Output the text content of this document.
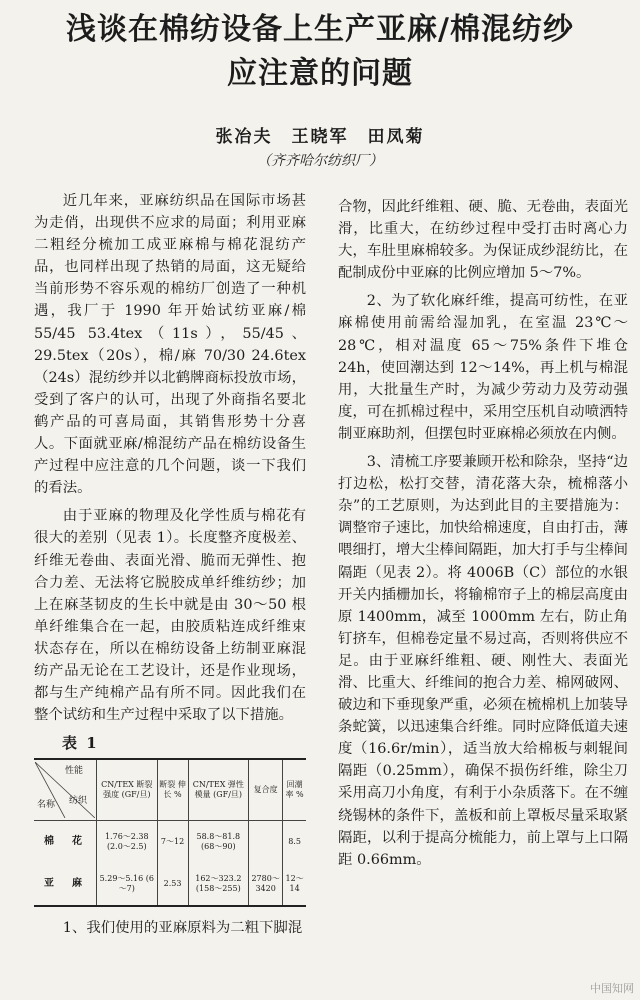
浅谈在棉纺设备上生产亚麻/棉混纺纱
应注意的问题
张冶夫　王晓军　田凤菊
（齐齐哈尔纺织厂）

近几年来，亚麻纺织品在国际市场甚为走俏，出现供不应求的局面；利用亚麻二粗经分梳加工成亚麻棉与棉花混纺产品，也同样出现了热销的局面，这无疑给当前形势不容乐观的棉纺厂创造了一种机遇，我厂于 1990 年开始试纺亚麻/棉 55/45 53.4tex（11s），55/45、29.5tex（20s），棉/麻 70/30 24.6tex（24s）混纺纱并以北鹤牌商标投放市场，受到了客户的认可，出现了外商指名要北鹤产品的可喜局面，其销售形势十分喜人。下面就亚麻/棉混纺产品在棉纺设备生产过程中应注意的几个问题，谈一下我们的看法。

由于亚麻的物理及化学性质与棉花有很大的差别（见表 1）。长度整齐度极差、纤维无卷曲、表面光滑、脆而无弹性、抱合力差、无法将它脱胶成单纤维纺纱；加上在麻茎韧皮的生长中就是由 30～50 根单纤维集合在一起，由胶质粘连成纤维束状态存在，所以在棉纺设备上纺制亚麻混纺产品无论在工艺设计，还是作业现场，都与生产纯棉产品有所不同。因此我们在整个试纺和生产过程中采取了以下措施。

表 1
性能
纺织
名称	CN/TEX 断裂强度 (GF/旦)	断裂 伸长 %	CN/TEX 弹性模量 (GF/旦)	复合度	回潮率 %
棉　花	1.76～2.38 (2.0～2.5)	7～12	58.8～81.8 (68～90)		8.5
亚　麻	5.29～5.16 (6～7)	2.53	162～323.2 (158～255)	2780～3420	12～14

1、我们使用的亚麻原料为二粗下脚混

合物，因此纤维粗、硬、脆、无卷曲，表面光滑，比重大，在纺纱过程中受打击时离心力大，车肚里麻棉较多。为保证成纱混纺比，在配制成份中亚麻的比例应增加 5～7%。

2、为了软化麻纤维，提高可纺性，在亚麻棉使用前需给湿加乳，在室温 23℃～28℃，相对温度 65～75%条件下堆仓 24h，使回潮达到 12～14%，再上机与棉混用，大批量生产时，为减少劳动力及劳动强度，可在抓棉过程中，采用空压机自动喷洒特制亚麻助剂，但摆包时亚麻棉必须放在内侧。

3、清梳工序要兼顾开松和除杂，坚持“边打边松，松打交替，清花落大杂，梳棉落小杂”的工艺原则，为达到此目的主要措施为：调整帘子速比，加快给棉速度，自由打击，薄喂细打，增大尘棒间隔距，加大打手与尘棒间隔距（见表 2）。将 4006B（C）部位的水银开关内插栅加长，将输棉帘子上的棉层高度由原 1400mm，减至 1000mm 左右，防止角钉挤车，但棉卷定量不易过高，否则将供应不足。由于亚麻纤维粗、硬、刚性大、表面光滑、比重大、纤维间的抱合力差、棉网破网、破边和下垂现象严重，必须在梳棉机上加装导条蛇簧，以迅速集合纤维。同时应降低道夫速度（16.6r/min），适当放大给棉板与刺辊间隔距（0.25mm），确保不损伤纤维，除尘刀采用高刀小角度，有利于小杂质落下。在不缠绕锡林的条件下，盖板和前上罩板尽量采取紧隔距，以利于提高分梳能力，前上罩与上口隔距 0.66mm。

中国知网
